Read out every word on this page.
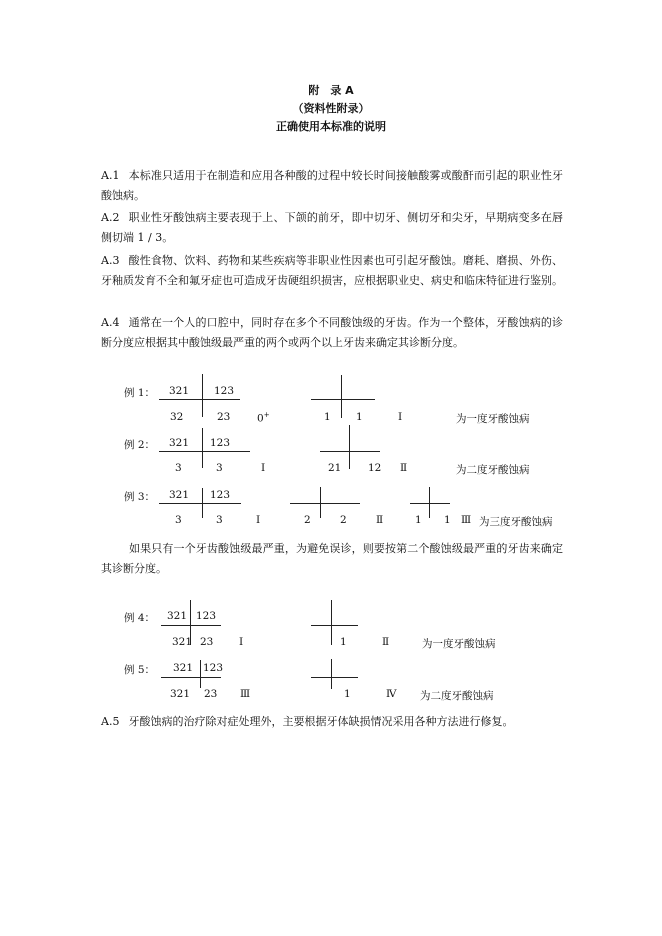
附　录 A
（资料性附录）
正确使用本标准的说明
A.1 本标准只适用于在制造和应用各种酸的过程中较长时间接触酸雾或酸酐而引起的职业性牙酸蚀病。
A.2 职业性牙酸蚀病主要表现于上、下颌的前牙，即中切牙、侧切牙和尖牙，早期病变多在唇侧切端 1 / 3。
A.3 酸性食物、饮料、药物和某些疾病等非职业性因素也可引起牙酸蚀。磨耗、磨损、外伤、牙釉质发育不全和氟牙症也可造成牙齿硬组织损害，应根据职业史、病史和临床特征进行鉴别。
A.4 通常在一个人的口腔中，同时存在多个不同酸蚀级的牙齿。作为一个整体，牙酸蚀病的诊断分度应根据其中酸蚀级最严重的两个或两个以上牙齿来确定其诊断分度。
例 1： 321 123
32	23	0+	1 1	Ⅰ	为一度牙酸蚀病
例 2： 321 123
3	3	Ⅰ	21	12 Ⅱ	为二度牙酸蚀病
例 3： 321 123
3	3	Ⅰ	2	2	Ⅱ	1 1 Ⅲ 为三度牙酸蚀病
如果只有一个牙齿酸蚀级最严重，为避免误诊，则要按第二个酸蚀级最严重的牙齿来确定其诊断分度。
例 4： 321 123
321 23 Ⅰ	1	Ⅱ	为一度牙酸蚀病
例 5： 321 123
321 23 Ⅲ	1	Ⅳ 为二度牙酸蚀病
A.5 牙酸蚀病的治疗除对症处理外，主要根据牙体缺损情况采用各种方法进行修复。
